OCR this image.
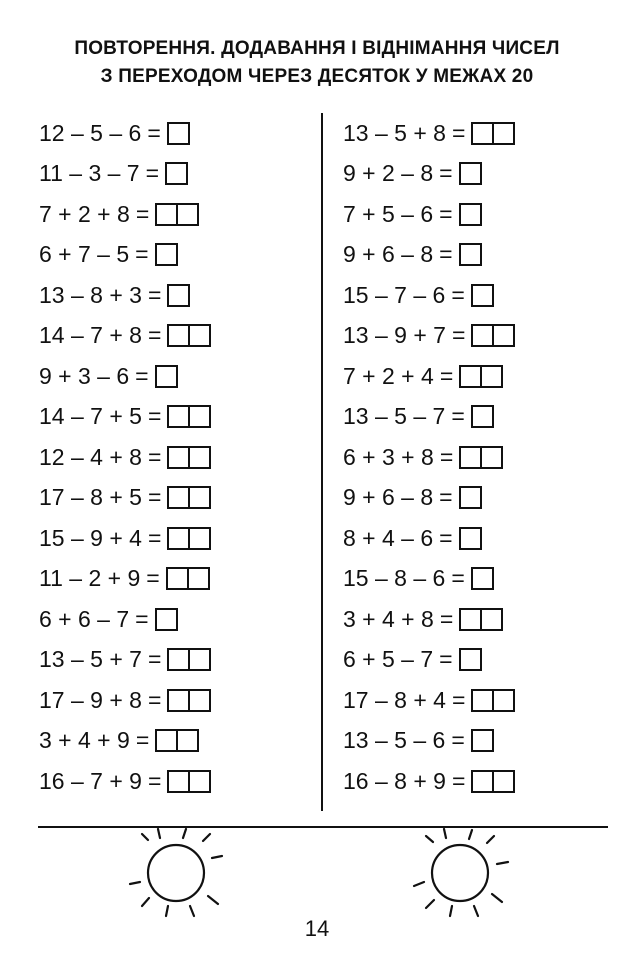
ПОВТОРЕННЯ. ДОДАВАННЯ І ВІДНІМАННЯ ЧИСЕЛ
З ПЕРЕХОДОМ ЧЕРЕЗ ДЕСЯТОК У МЕЖАХ 20
12 – 5 – 6 =
11 – 3 – 7 =
7 + 2 + 8 =
6 + 7 – 5 =
13 – 8 + 3 =
14 – 7 + 8 =
9 + 3 – 6 =
14 – 7 + 5 =
12 – 4 + 8 =
17 – 8 + 5 =
15 – 9 + 4 =
11 – 2 + 9 =
6 + 6 – 7 =
13 – 5 + 7 =
17 – 9 + 8 =
3 + 4 + 9 =
16 – 7 + 9 =
13 – 5 + 8 =
9 + 2 – 8 =
7 + 5 – 6 =
9 + 6 – 8 =
15 – 7 – 6 =
13 – 9 + 7 =
7 + 2 + 4 =
13 – 5 – 7 =
6 + 3 + 8 =
9 + 6 – 8 =
8 + 4 – 6 =
15 – 8 – 6 =
3 + 4 + 8 =
6 + 5 – 7 =
17 – 8 + 4 =
13 – 5 – 6 =
16 – 8 + 9 =
14
